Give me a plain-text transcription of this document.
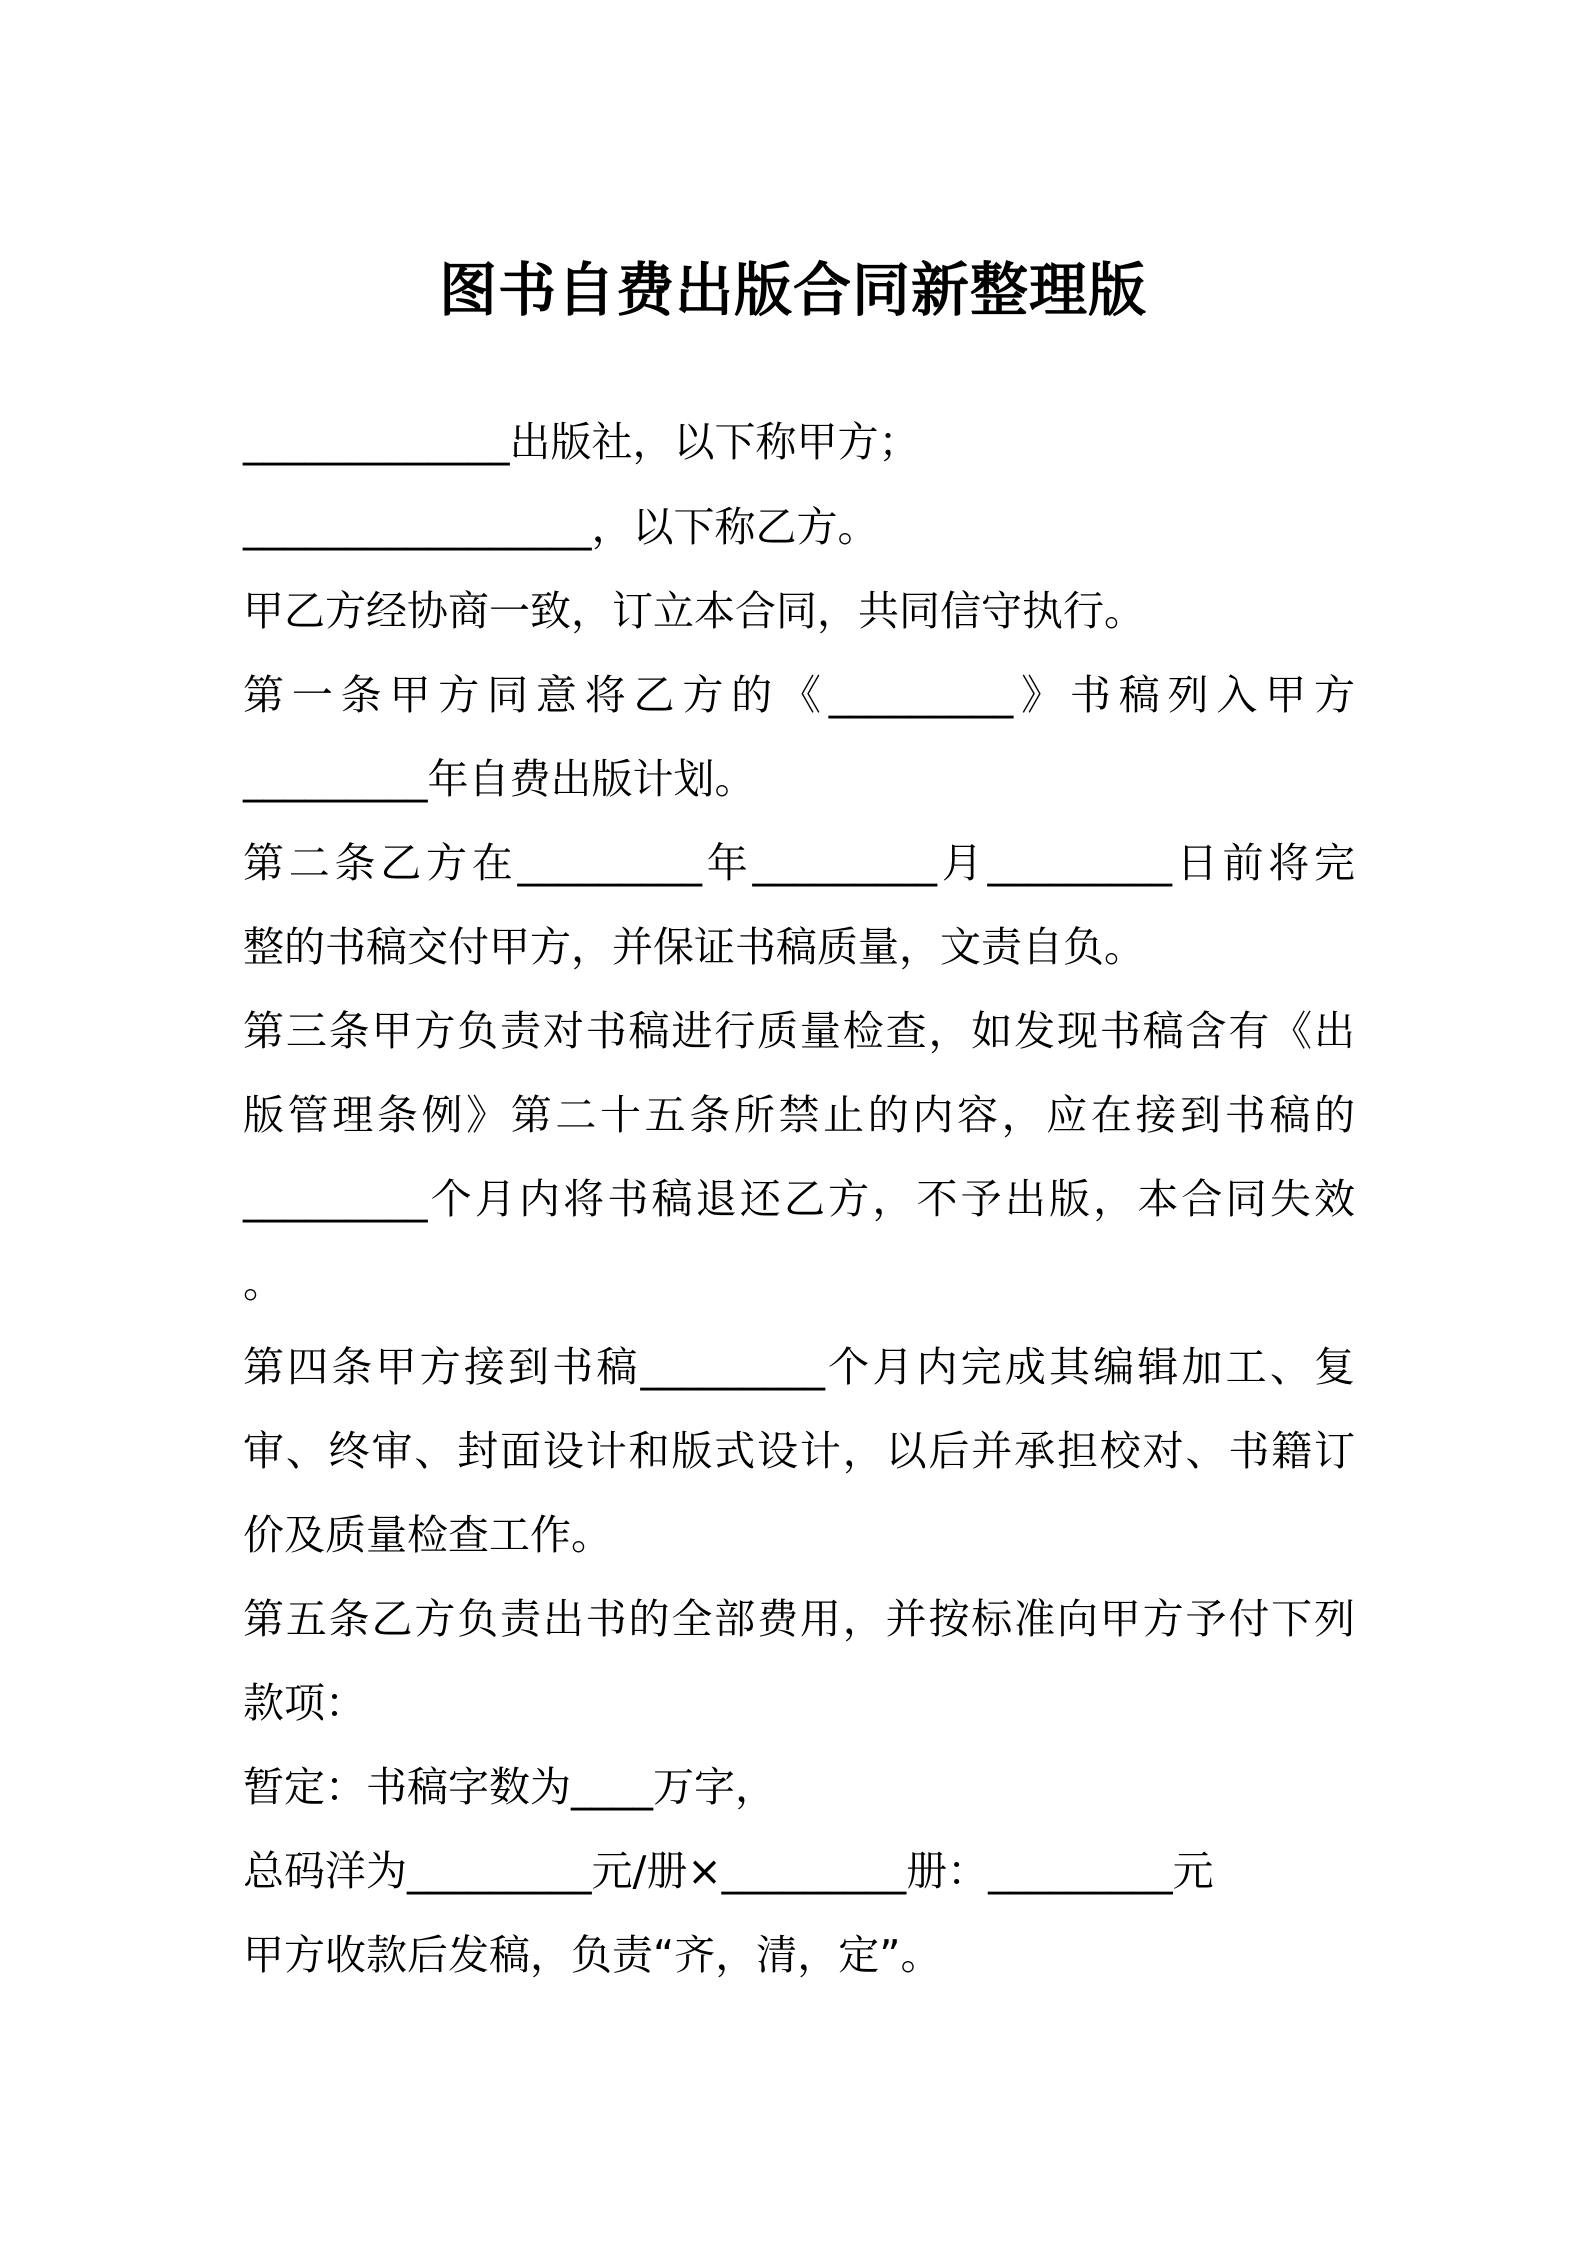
图书自费出版合同新整理版
_____________出版社，以下称甲方；
_________________，以下称乙方。
甲乙方经协商一致，订立本合同，共同信守执行。
第一条甲方同意将乙方的《_________》书稿列入甲方
_________年自费出版计划。
第二条乙方在_________年_________月_________日前将完
整的书稿交付甲方，并保证书稿质量，文责自负。
第三条甲方负责对书稿进行质量检查，如发现书稿含有《出
版管理条例》第二十五条所禁止的内容，应在接到书稿的
_________个月内将书稿退还乙方，不予出版，本合同失效
。
第四条甲方接到书稿_________个月内完成其编辑加工、复
审、终审、封面设计和版式设计，以后并承担校对、书籍订
价及质量检查工作。
第五条乙方负责出书的全部费用，并按标准向甲方予付下列
款项：
暂定：书稿字数为____万字，
总码洋为_________元/册×_________册：_________元
甲方收款后发稿，负责“齐，清，定”。
